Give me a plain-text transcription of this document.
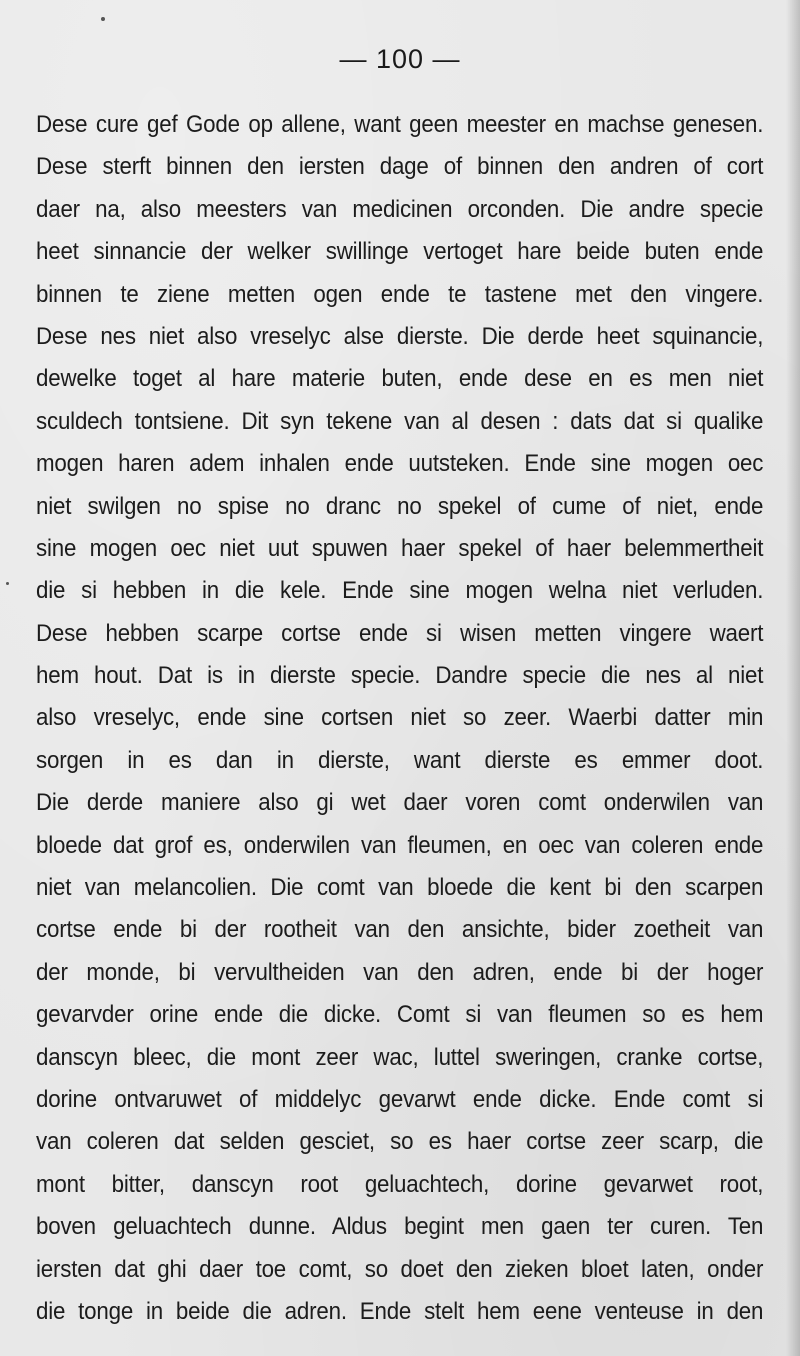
— 100 —
Dese cure gef Gode op allene, want geen meester en machse genesen.
Dese sterft binnen den iersten dage of binnen den andren of cort
daer na, also meesters van medicinen orconden. Die andre specie
heet sinnancie der welker swillinge vertoget hare beide buten ende
binnen te ziene metten ogen ende te tastene met den vingere.
Dese nes niet also vreselyc alse dierste. Die derde heet squinancie,
dewelke toget al hare materie buten, ende dese en es men niet
sculdech tontsiene. Dit syn tekene van al desen : dats dat si qualike
mogen haren adem inhalen ende uutsteken. Ende sine mogen oec
niet swilgen no spise no dranc no spekel of cume of niet, ende
sine mogen oec niet uut spuwen haer spekel of haer belemmertheit
die si hebben in die kele. Ende sine mogen welna niet verluden.
Dese hebben scarpe cortse ende si wisen metten vingere waert
hem hout. Dat is in dierste specie. Dandre specie die nes al niet
also vreselyc, ende sine cortsen niet so zeer. Waerbi datter min
sorgen in es dan in dierste, want dierste es emmer doot.
Die derde maniere also gi wet daer voren comt onderwilen van
bloede dat grof es, onderwilen van fleumen, en oec van coleren ende
niet van melancolien. Die comt van bloede die kent bi den scarpen
cortse ende bi der rootheit van den ansichte, bider zoetheit van
der monde, bi vervultheiden van den adren, ende bi der hoger
gevarvder orine ende die dicke. Comt si van fleumen so es hem
danscyn bleec, die mont zeer wac, luttel sweringen, cranke cortse,
dorine ontvaruwet of middelyc gevarwt ende dicke. Ende comt si
van coleren dat selden gesciet, so es haer cortse zeer scarp, die
mont bitter, danscyn root geluachtech, dorine gevarwet root,
boven geluachtech dunne. Aldus begint men gaen ter curen. Ten
iersten dat ghi daer toe comt, so doet den zieken bloet laten, onder
die tonge in beide die adren. Ende stelt hem eene venteuse in den
